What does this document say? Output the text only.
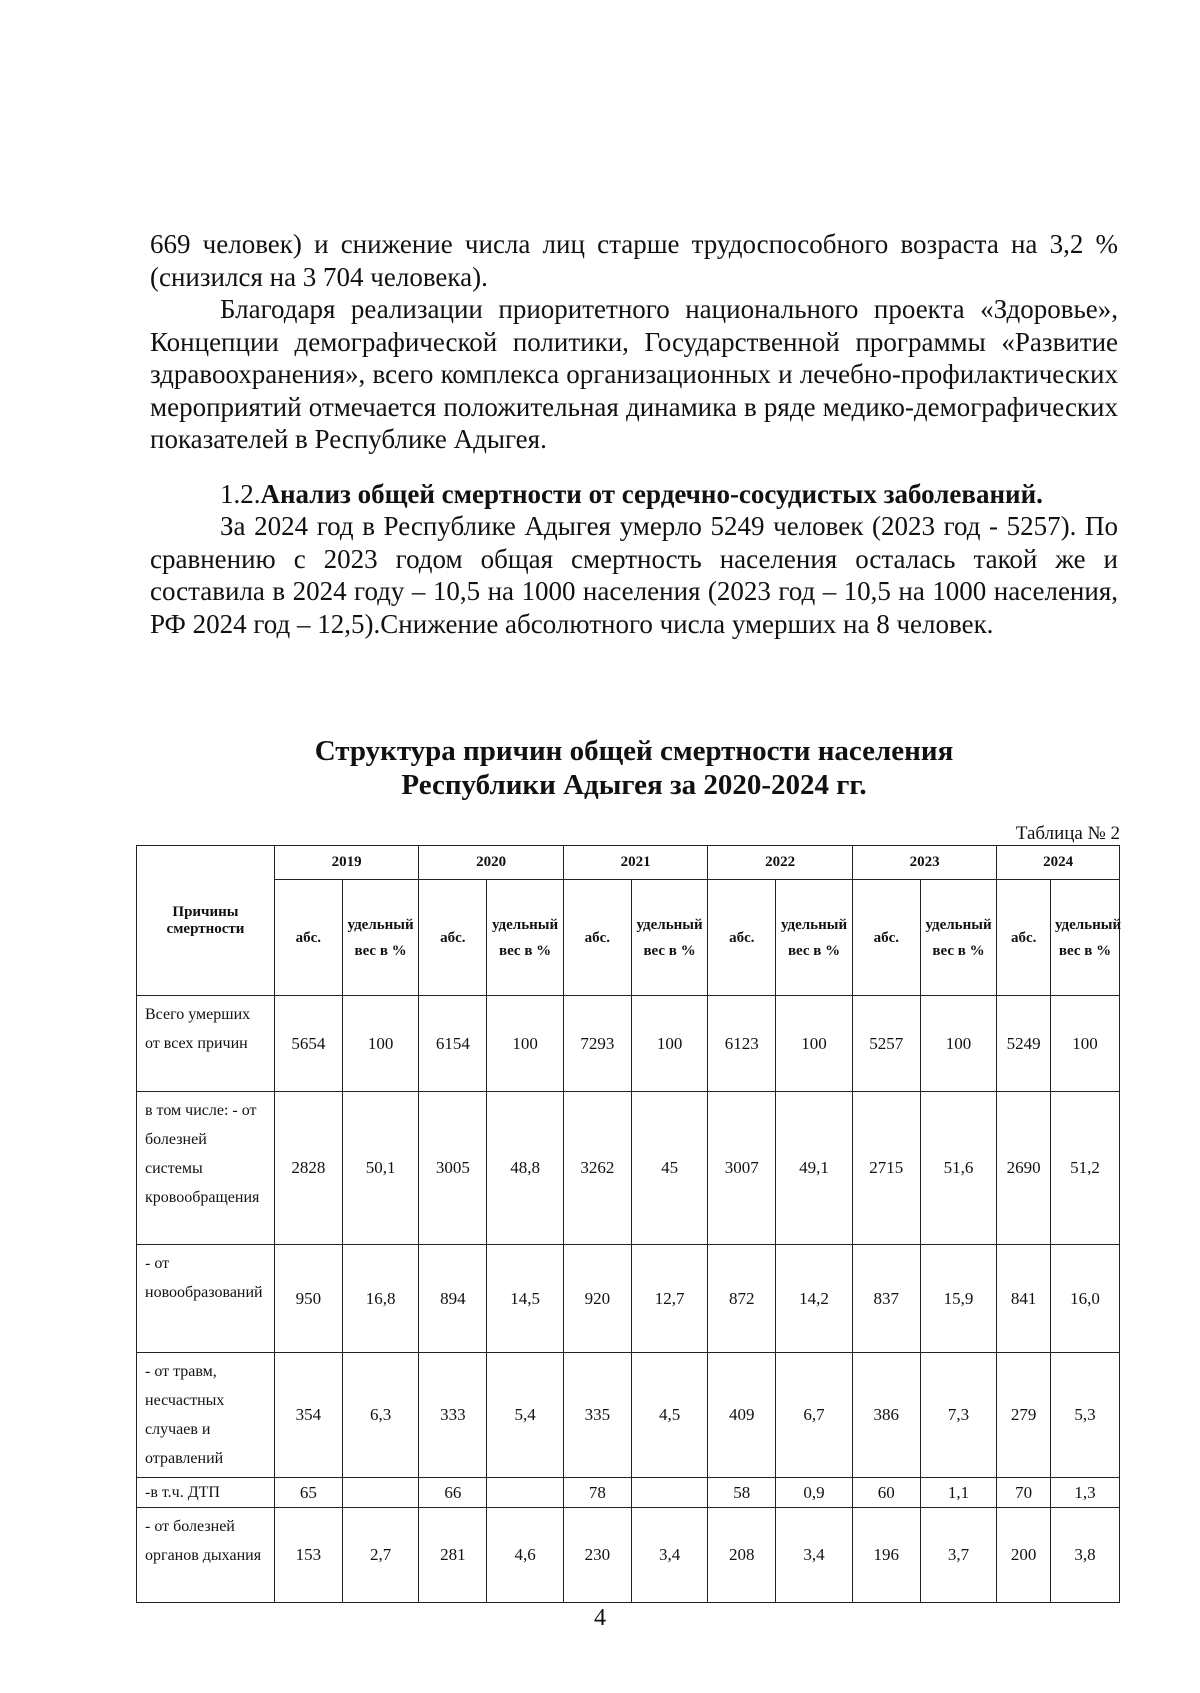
669 человек) и снижение числа лиц старше трудоспособного возраста на 3,2 % (снизился на 3 704 человека).

Благодаря реализации приоритетного национального проекта «Здоровье», Концепции демографической политики, Государственной программы «Развитие здравоохранения», всего комплекса организационных и лечебно-профилактических мероприятий отмечается положительная динамика в ряде медико-демографических показателей в Республике Адыгея.

1.2.Анализ общей смертности от сердечно-сосудистых заболеваний.

За 2024 год в Республике Адыгея умерло 5249 человек (2023 год - 5257). По сравнению с 2023 годом общая смертность населения осталась такой же и составила в 2024 году – 10,5 на 1000 населения (2023 год – 10,5 на 1000 населения, РФ 2024 год – 12,5).Снижение абсолютного числа умерших на 8 человек.

Структура причин общей смертности населения
Республики Адыгея за 2020-2024 гг.
Таблица № 2
Причины смертности	2019		2020		2021		2022		2023		2024	
	абс.	удельный вес в %	абс.	удельный вес в %	абс.	удельный вес в %	абс.	удельный вес в %	абс.	удельный вес в %	абс.	удельный вес в %
Всего умерших от всех причин	5654	100	6154	100	7293	100	6123	100	5257	100	5249	100
в том числе: - от болезней системы кровообращения	2828	50,1	3005	48,8	3262	45	3007	49,1	2715	51,6	2690	51,2
- от новообразований	950	16,8	894	14,5	920	12,7	872	14,2	837	15,9	841	16,0
- от травм, несчастных случаев и отравлений	354	6,3	333	5,4	335	4,5	409	6,7	386	7,3	279	5,3
-в т.ч. ДТП	65		66		78		58	0,9	60	1,1	70	1,3
- от болезней органов дыхания	153	2,7	281	4,6	230	3,4	208	3,4	196	3,7	200	3,8
4
